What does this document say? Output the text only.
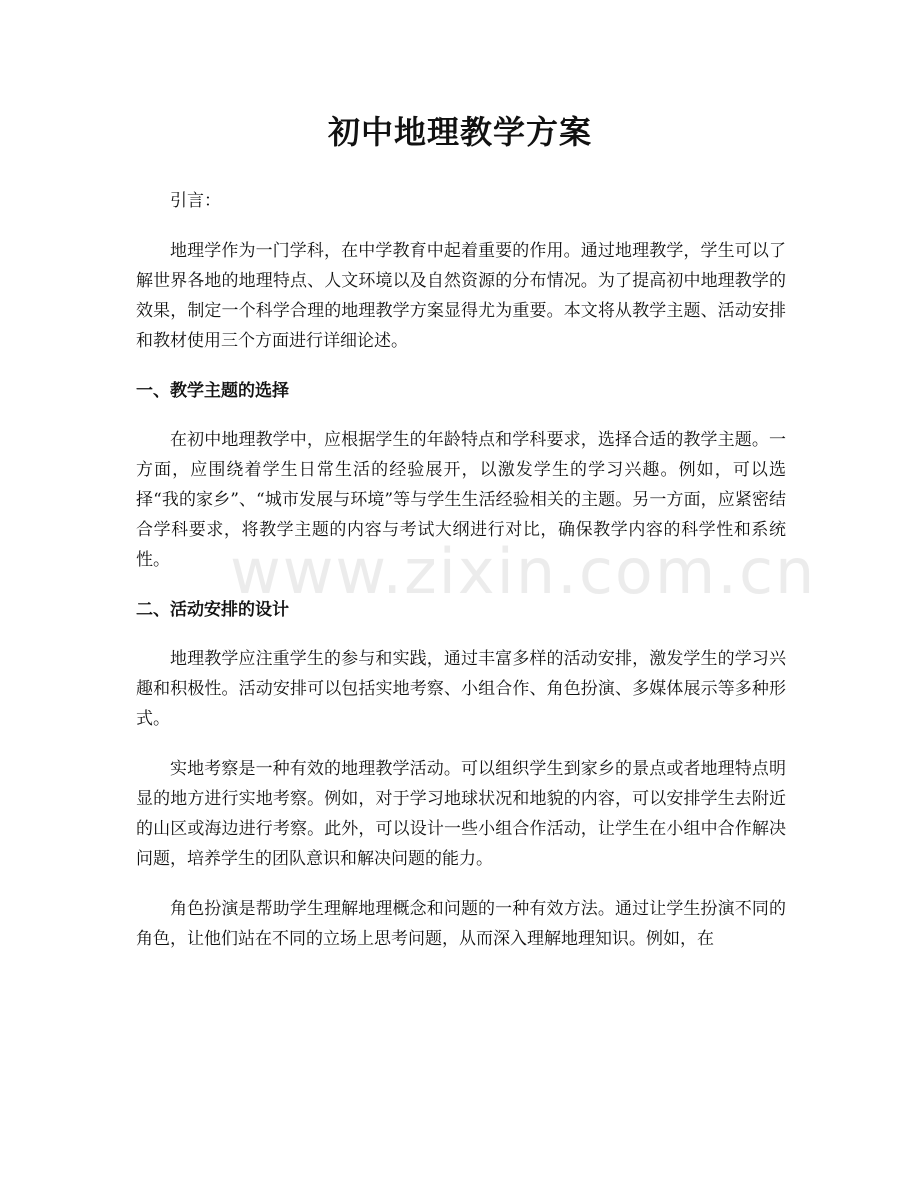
初中地理教学方案

引言：

地理学作为一门学科，在中学教育中起着重要的作用。通过地理教学，学生可以了解世界各地的地理特点、人文环境以及自然资源的分布情况。为了提高初中地理教学的效果，制定一个科学合理的地理教学方案显得尤为重要。本文将从教学主题、活动安排和教材使用三个方面进行详细论述。

一、教学主题的选择

在初中地理教学中，应根据学生的年龄特点和学科要求，选择合适的教学主题。一方面，应围绕着学生日常生活的经验展开，以激发学生的学习兴趣。例如，可以选择“我的家乡”、“城市发展与环境”等与学生生活经验相关的主题。另一方面，应紧密结合学科要求，将教学主题的内容与考试大纲进行对比，确保教学内容的科学性和系统性。

二、活动安排的设计

地理教学应注重学生的参与和实践，通过丰富多样的活动安排，激发学生的学习兴趣和积极性。活动安排可以包括实地考察、小组合作、角色扮演、多媒体展示等多种形式。

实地考察是一种有效的地理教学活动。可以组织学生到家乡的景点或者地理特点明显的地方进行实地考察。例如，对于学习地球状况和地貌的内容，可以安排学生去附近的山区或海边进行考察。此外，可以设计一些小组合作活动，让学生在小组中合作解决问题，培养学生的团队意识和解决问题的能力。

角色扮演是帮助学生理解地理概念和问题的一种有效方法。通过让学生扮演不同的角色，让他们站在不同的立场上思考问题，从而深入理解地理知识。例如，在

www.zixin.com.cn
